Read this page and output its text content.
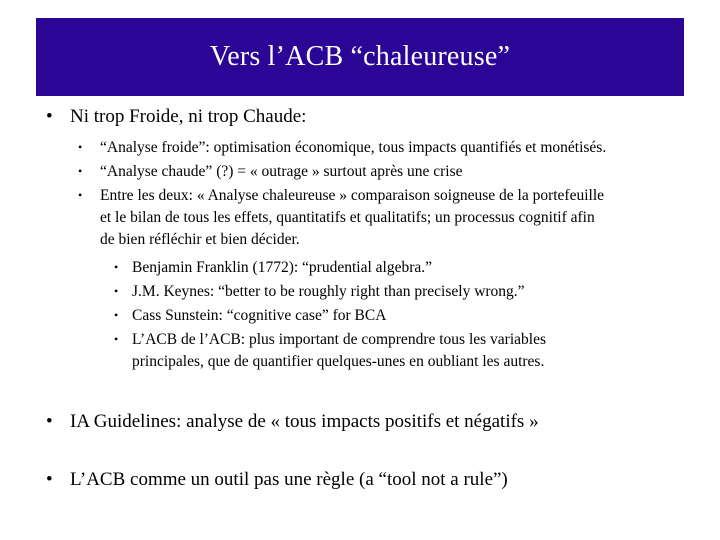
Vers l’ACB “chaleureuse”
• Ni trop Froide, ni trop Chaude:
• “Analyse froide”: optimisation économique, tous impacts quantifiés et monétisés.
• “Analyse chaude” (?) = « outrage » surtout après une crise
• Entre les deux: « Analyse chaleureuse » comparaison soigneuse de la portefeuille
et le bilan de tous les effets, quantitatifs et qualitatifs; un processus cognitif afin
de bien réfléchir et bien décider.
• Benjamin Franklin (1772): “prudential algebra.”
• J.M. Keynes: “better to be roughly right than precisely wrong.”
• Cass Sunstein: “cognitive case” for BCA
• L’ACB de l’ACB: plus important de comprendre tous les variables
principales, que de quantifier quelques-unes en oubliant les autres.
• IA Guidelines: analyse de « tous impacts positifs et négatifs »
• L’ACB comme un outil pas une règle (a “tool not a rule”)
